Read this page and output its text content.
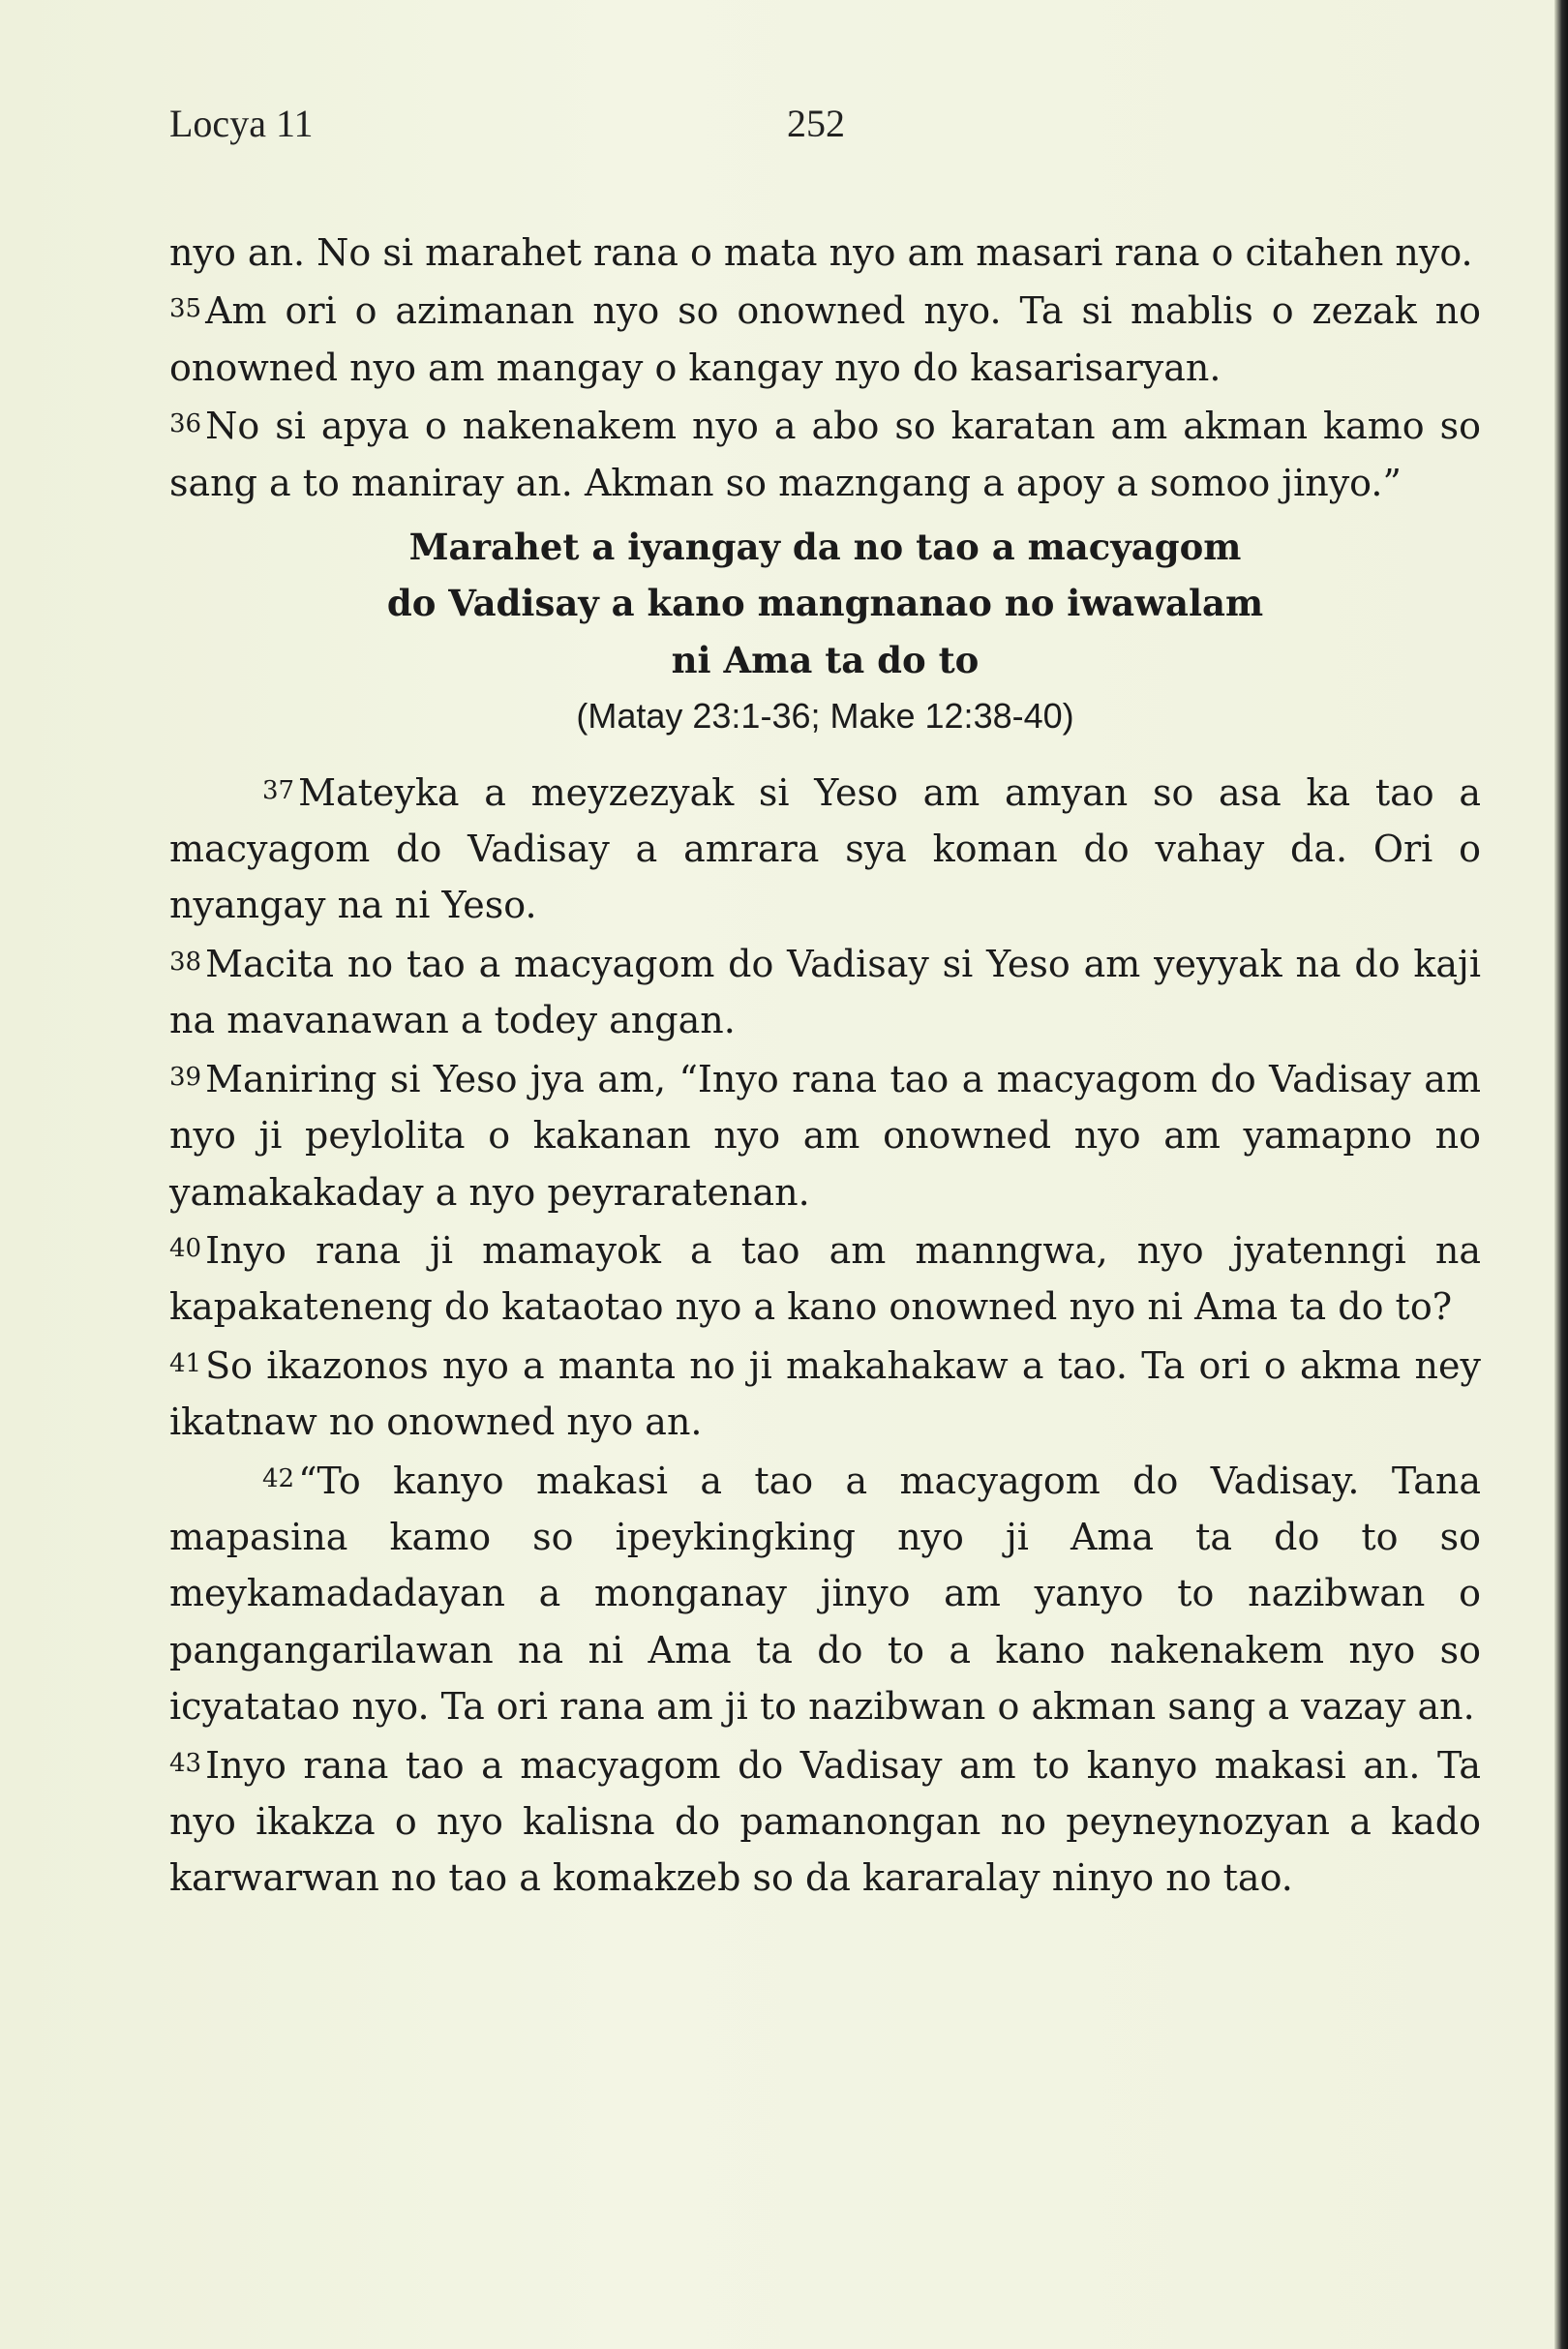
Locya 11	252

nyo an. No si marahet rana o mata nyo am masari rana o citahen nyo.

35 Am ori o azimanan nyo so onowned nyo. Ta si mablis o zezak no onowned nyo am mangay o kangay nyo do kasarisaryan.

36 No si apya o nakenakem nyo a abo so karatan am akman kamo so sang a to maniray an. Akman so mazngang a apoy a somoo jinyo.”

Marahet a iyangay da no tao a macyagom
do Vadisay a kano mangnanao no iwawalam
ni Ama ta do to
(Matay 23:1-36; Make 12:38-40)

37 Mateyka a meyzezyak si Yeso am amyan so asa ka tao a macyagom do Vadisay a amrara sya koman do vahay da. Ori o nyangay na ni Yeso.

38 Macita no tao a macyagom do Vadisay si Yeso am yeyyak na do kaji na mavanawan a todey angan.

39 Maniring si Yeso jya am, “Inyo rana tao a macyagom do Vadisay am nyo ji peylolita o kakanan nyo am onowned nyo am yamapno no yamakakaday a nyo peyraratenan.

40 Inyo rana ji mamayok a tao am manngwa, nyo jyatenngi na kapakateneng do kataotao nyo a kano onowned nyo ni Ama ta do to?

41 So ikazonos nyo a manta no ji makahakaw a tao. Ta ori o akma ney ikatnaw no onowned nyo an.

42 “To kanyo makasi a tao a macyagom do Vadisay. Tana mapasina kamo so ipeykingking nyo ji Ama ta do to so meykamadadayan a monganay jinyo am yanyo to nazibwan o pangangarilawan na ni Ama ta do to a kano nakenakem nyo so icyatatao nyo. Ta ori rana am ji to nazibwan o akman sang a vazay an.

43 Inyo rana tao a macyagom do Vadisay am to kanyo makasi an. Ta nyo ikakza o nyo kalisna do pamanongan no peyneynozyan a kado karwarwan no tao a komakzeb so da kararalay ninyo no tao.
